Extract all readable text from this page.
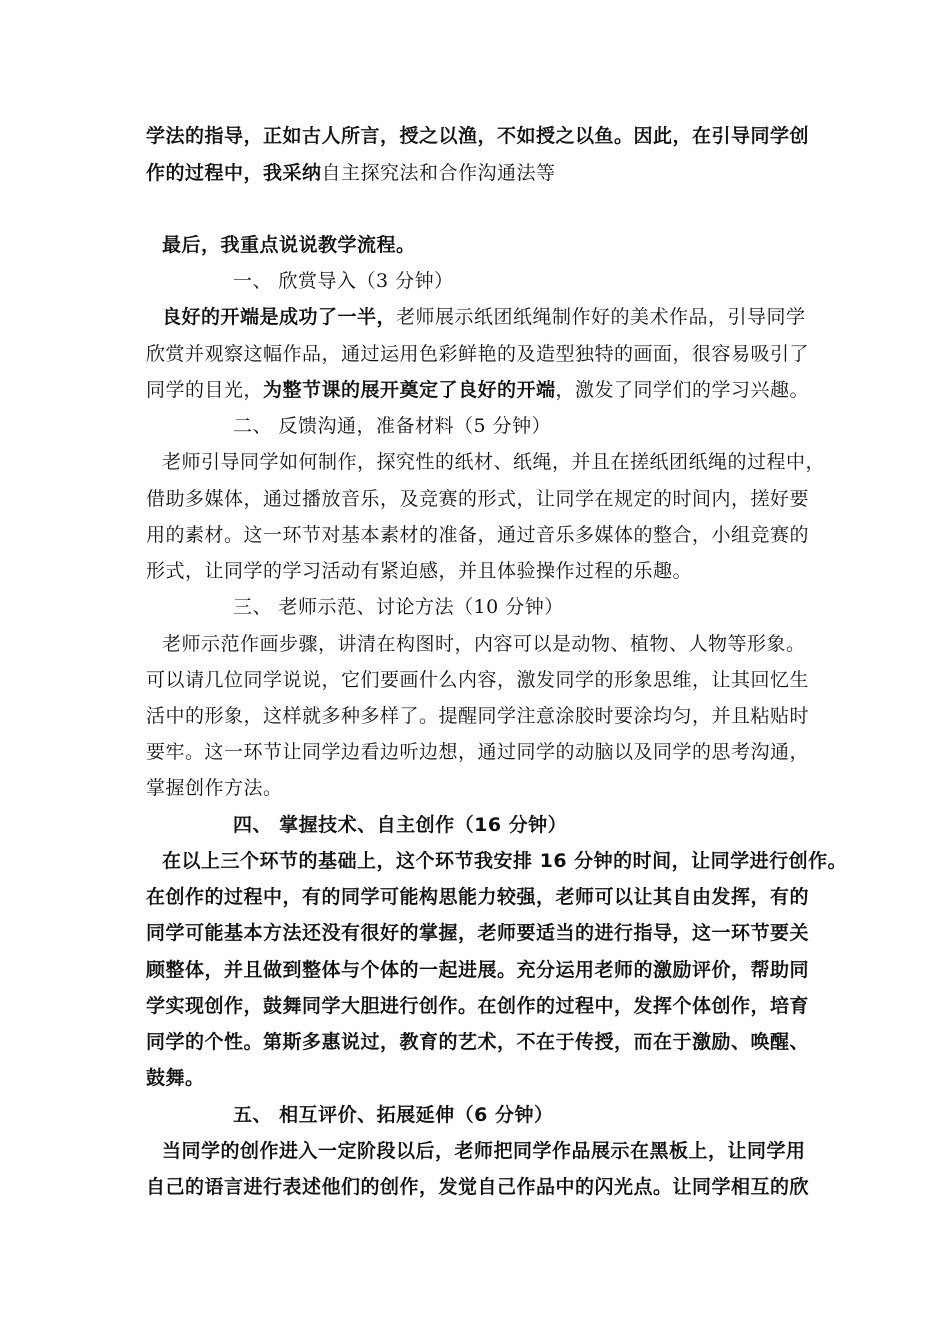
学法的指导，正如古人所言，授之以渔，不如授之以鱼。因此，在引导同学创
作的过程中，我采纳自主探究法和合作沟通法等
最后，我重点说说教学流程。
一、 欣赏导入（3 分钟）
良好的开端是成功了一半，老师展示纸团纸绳制作好的美术作品，引导同学
欣赏并观察这幅作品，通过运用色彩鲜艳的及造型独特的画面，很容易吸引了
同学的目光，为整节课的展开奠定了良好的开端，激发了同学们的学习兴趣。
二、 反馈沟通，准备材料（5 分钟）
老师引导同学如何制作，探究性的纸材、纸绳，并且在搓纸团纸绳的过程中，
借助多媒体，通过播放音乐，及竞赛的形式，让同学在规定的时间内，搓好要
用的素材。这一环节对基本素材的准备，通过音乐多媒体的整合，小组竞赛的
形式，让同学的学习活动有紧迫感，并且体验操作过程的乐趣。
三、 老师示范、讨论方法（10 分钟）
老师示范作画步骤，讲清在构图时，内容可以是动物、植物、人物等形象。
可以请几位同学说说，它们要画什么内容，激发同学的形象思维，让其回忆生
活中的形象，这样就多种多样了。提醒同学注意涂胶时要涂均匀，并且粘贴时
要牢。这一环节让同学边看边听边想，通过同学的动脑以及同学的思考沟通，
掌握创作方法。
四、 掌握技术、自主创作（16 分钟）
在以上三个环节的基础上，这个环节我安排 16 分钟的时间，让同学进行创作。
在创作的过程中，有的同学可能构思能力较强，老师可以让其自由发挥，有的
同学可能基本方法还没有很好的掌握，老师要适当的进行指导，这一环节要关
顾整体，并且做到整体与个体的一起进展。充分运用老师的激励评价，帮助同
学实现创作，鼓舞同学大胆进行创作。在创作的过程中，发挥个体创作，培育
同学的个性。第斯多惠说过，教育的艺术，不在于传授，而在于激励、唤醒、
鼓舞。
五、 相互评价、拓展延伸（6 分钟）
当同学的创作进入一定阶段以后，老师把同学作品展示在黑板上，让同学用
自己的语言进行表述他们的创作，发觉自己作品中的闪光点。让同学相互的欣
